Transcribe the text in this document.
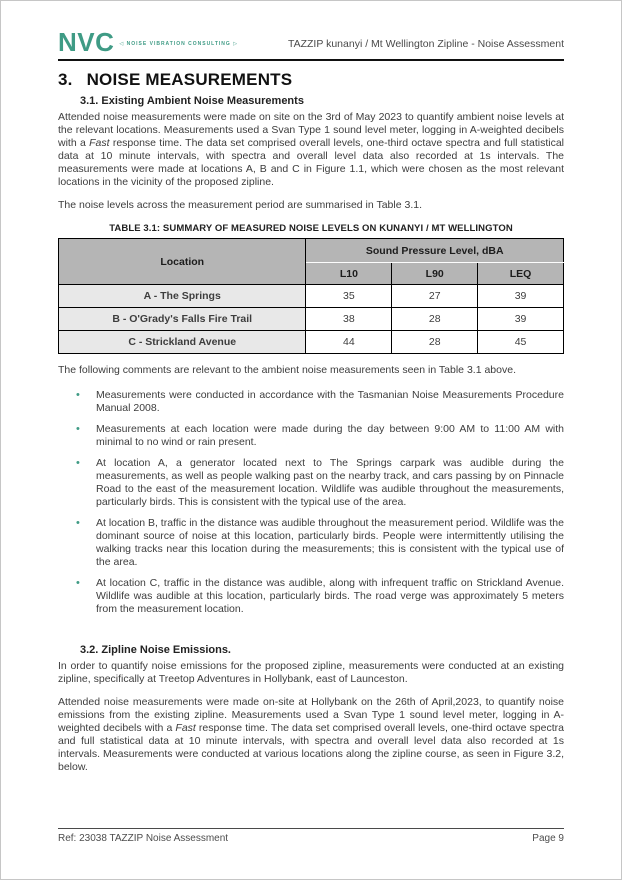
NVC ◁ NOISE VIBRATION CONSULTING ▷	TAZZIP kunanyi / Mt Wellington Zipline - Noise Assessment
3. NOISE MEASUREMENTS
3.1. Existing Ambient Noise Measurements

Attended noise measurements were made on site on the 3rd of May 2023 to quantify ambient noise levels at the relevant locations. Measurements used a Svan Type 1 sound level meter, logging in A-weighted decibels with a Fast response time. The data set comprised overall levels, one-third octave spectra and full statistical data at 10 minute intervals, with spectra and overall level data also recorded at 1s intervals. The measurements were made at locations A, B and C in Figure 1.1, which were chosen as the most relevant locations in the vicinity of the proposed zipline.

The noise levels across the measurement period are summarised in Table 3.1.

TABLE 3.1: SUMMARY OF MEASURED NOISE LEVELS ON KUNANYI / MT WELLINGTON
Location	Sound Pressure Level, dBA		
	L10	L90	LEQ
A - The Springs	35	27	39
B - O'Grady's Falls Fire Trail	38	28	39
C - Strickland Avenue	44	28	45

The following comments are relevant to the ambient noise measurements seen in Table 3.1 above.

•	Measurements were conducted in accordance with the Tasmanian Noise Measurements Procedure Manual 2008.
•	Measurements at each location were made during the day between 9:00 AM to 11:00 AM with minimal to no wind or rain present.
•	At location A, a generator located next to The Springs carpark was audible during the measurements, as well as people walking past on the nearby track, and cars passing by on Pinnacle Road to the east of the measurement location. Wildlife was audible throughout the measurements, particularly birds. This is consistent with the typical use of the area.
•	At location B, traffic in the distance was audible throughout the measurement period. Wildlife was the dominant source of noise at this location, particularly birds. People were intermittently utilising the walking tracks near this location during the measurements; this is consistent with the typical use of the area.
•	At location C, traffic in the distance was audible, along with infrequent traffic on Strickland Avenue. Wildlife was audible at this location, particularly birds. The road verge was approximately 5 meters from the measurement location.
3.2. Zipline Noise Emissions.

In order to quantify noise emissions for the proposed zipline, measurements were conducted at an existing zipline, specifically at Treetop Adventures in Hollybank, east of Launceston.

Attended noise measurements were made on-site at Hollybank on the 26th of April,2023, to quantify noise emissions from the existing zipline. Measurements used a Svan Type 1 sound level meter, logging in A-weighted decibels with a Fast response time. The data set comprised overall levels, one-third octave spectra and full statistical data at 10 minute intervals, with spectra and overall level data also recorded at 1s intervals. Measurements were conducted at various locations along the zipline course, as seen in Figure 3.2, below.

Ref: 23038 TAZZIP Noise Assessment	Page 9
